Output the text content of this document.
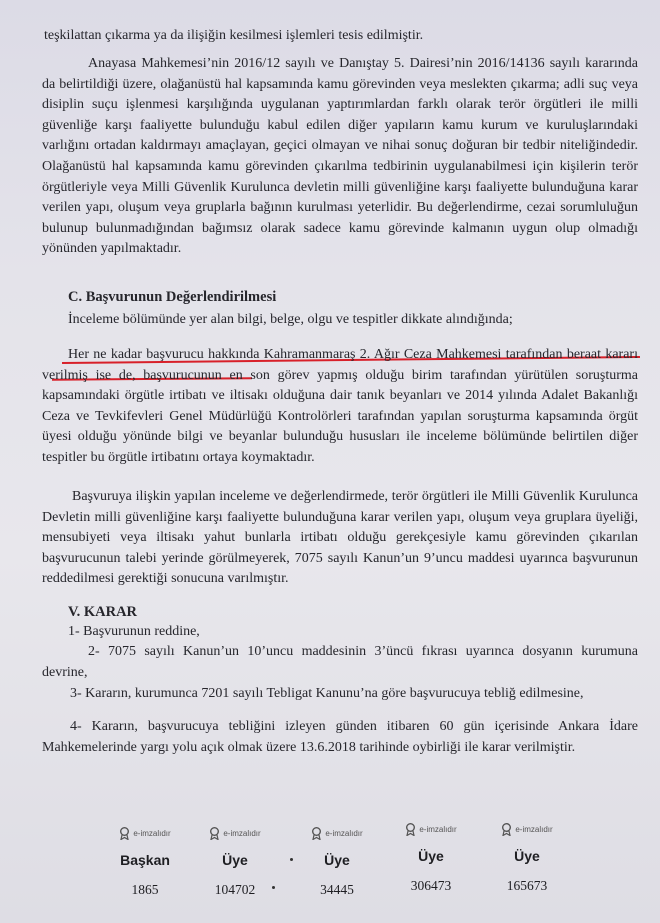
teşkilattan çıkarma ya da ilişiğin kesilmesi işlemleri tesis edilmiştir.

Anayasa Mahkemesi’nin 2016/12 sayılı ve Danıştay 5. Dairesi’nin 2016/14136 sayılı kararında da belirtildiği üzere, olağanüstü hal kapsamında kamu görevinden veya meslekten çıkarma; adli suç veya disiplin suçu işlenmesi karşılığında uygulanan yaptırımlardan farklı olarak terör örgütleri ile milli güvenliğe karşı faaliyette bulunduğu kabul edilen diğer yapıların kamu kurum ve kuruluşlarındaki varlığını ortadan kaldırmayı amaçlayan, geçici olmayan ve nihai sonuç doğuran bir tedbir niteliğindedir. Olağanüstü hal kapsamında kamu görevinden çıkarılma tedbirinin uygulanabilmesi için kişilerin terör örgütleriyle veya Milli Güvenlik Kurulunca devletin milli güvenliğine karşı faaliyette bulunduğuna karar verilen yapı, oluşum veya gruplarla bağının kurulması yeterlidir. Bu değerlendirme, cezai sorumluluğun bulunup bulunmadığından bağımsız olarak sadece kamu görevinde kalmanın uygun olup olmadığı yönünden yapılmaktadır.

C. Başvurunun Değerlendirilmesi

İnceleme bölümünde yer alan bilgi, belge, olgu ve tespitler dikkate alındığında;

Her ne kadar başvurucu hakkında Kahramanmaraş 2. Ağır Ceza Mahkemesi tarafından beraat kararı verilmiş ise de, başvurucunun en son görev yapmış olduğu birim tarafından yürütülen soruşturma kapsamındaki örgütle irtibatı ve iltisakı olduğuna dair tanık beyanları ve 2014 yılında Adalet Bakanlığı Ceza ve Tevkifevleri Genel Müdürlüğü Kontrolörleri tarafından yapılan soruşturma kapsamında örgüt üyesi olduğu yönünde bilgi ve beyanlar bulunduğu hususları ile inceleme bölümünde belirtilen diğer tespitler bu örgütle irtibatını ortaya koymaktadır.

Başvuruya ilişkin yapılan inceleme ve değerlendirmede, terör örgütleri ile Milli Güvenlik Kurulunca Devletin milli güvenliğine karşı faaliyette bulunduğuna karar verilen yapı, oluşum veya gruplara üyeliği, mensubiyeti veya iltisakı yahut bunlarla irtibatı olduğu gerekçesiyle kamu görevinden çıkarılan başvurucunun talebi yerinde görülmeyerek, 7075 sayılı Kanun’un 9’uncu maddesi uyarınca başvurunun reddedilmesi gerektiği sonucuna varılmıştır.

V. KARAR

1- Başvurunun reddine,

2- 7075 sayılı Kanun’un 10’uncu maddesinin 3’üncü fıkrası uyarınca dosyanın kurumuna devrine,

3- Kararın, kurumunca 7201 sayılı Tebligat Kanunu’na göre başvurucuya tebliğ edilmesine,

4- Kararın, başvurucuya tebliğini izleyen günden itibaren 60 gün içerisinde Ankara İdare Mahkemelerinde yargı yolu açık olmak üzere 13.6.2018 tarihinde oybirliği ile karar verilmiştir.

e-imzalıdır
Başkan
1865
e-imzalıdır
Üye
104702
e-imzalıdır
Üye
34445
e-imzalıdır
Üye
306473
e-imzalıdır
Üye
165673
